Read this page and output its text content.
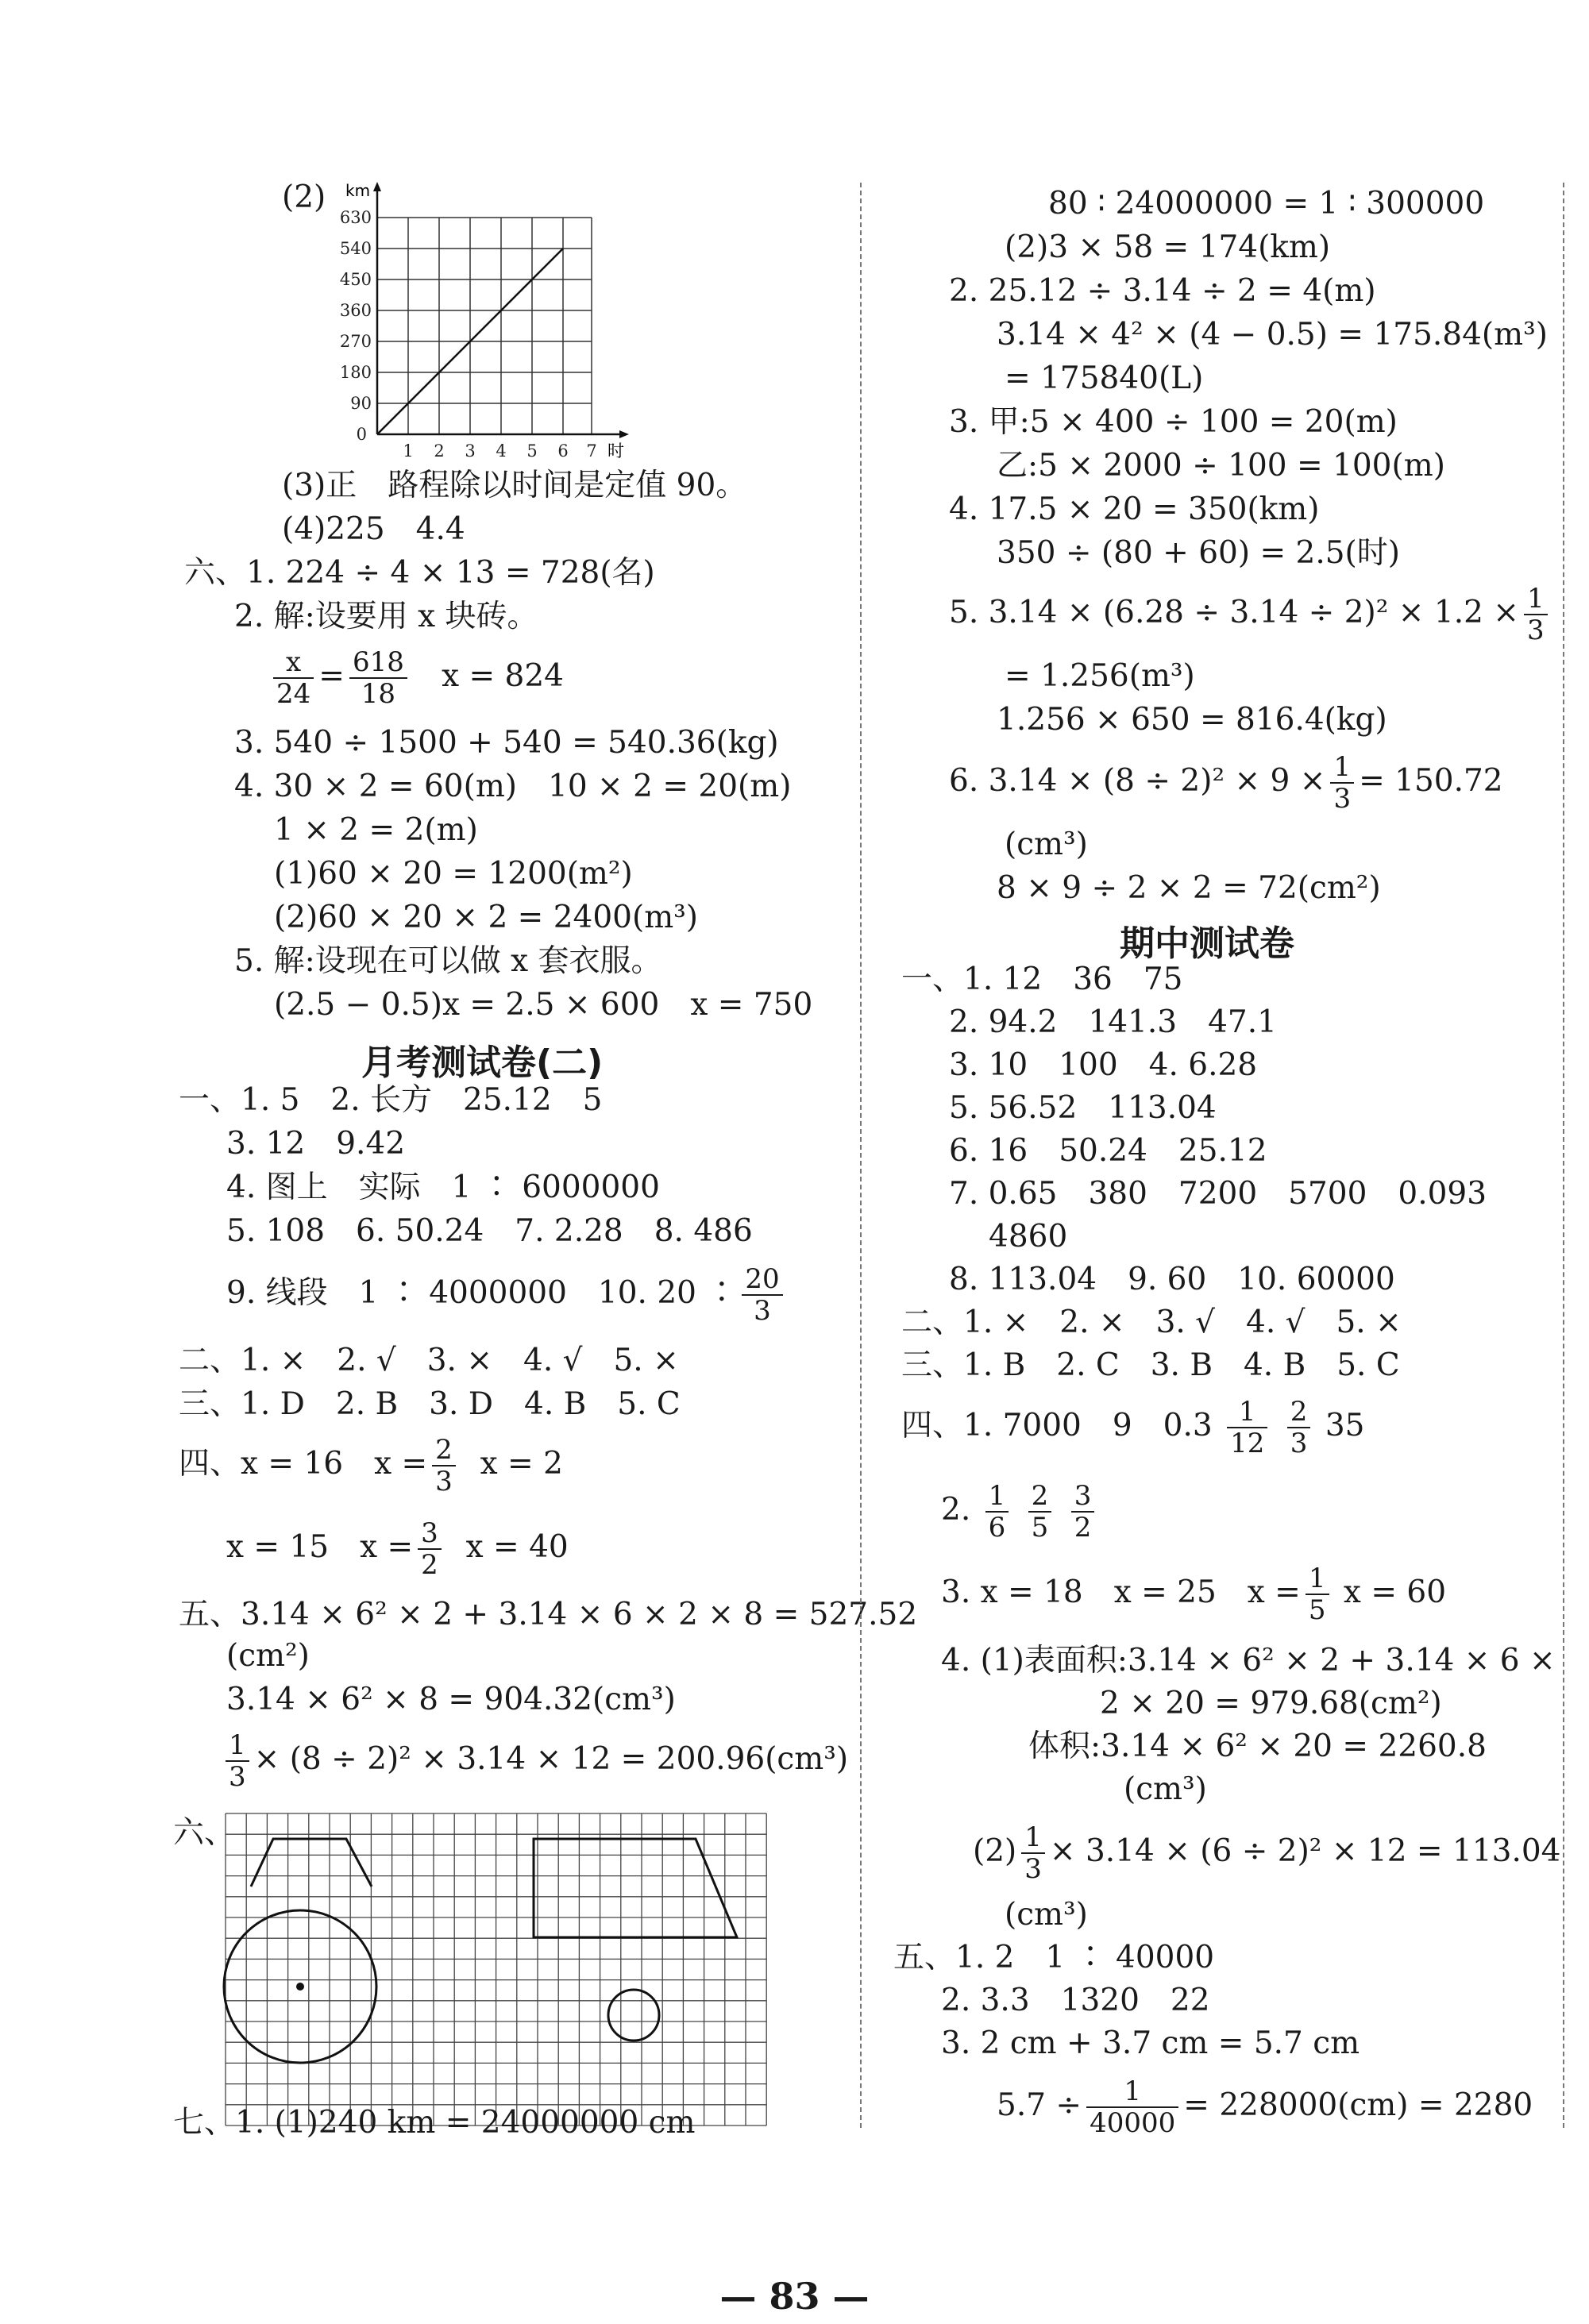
(2)
630
540
450
360
270
180
90
0
km
1 2 3 4 5 6 7 时
(3)正　路程除以时间是定值 90。
(4)225　4.4
六、1. 224 ÷ 4 × 13 = 728(名)
2. 解:设要用 x 块砖。
$\frac{x}{24} = \frac{618}{18}$ x = 824
3. 540 ÷ 1500 + 540 = 540.36(kg)
4. 30 × 2 = 60(m)　10 × 2 = 20(m)
1 × 2 = 2(m)
(1)60 × 20 = 1200(m²)
(2)60 × 20 × 2 = 2400(m³)
5. 解:设现在可以做 x 套衣服。
(2.5 − 0.5)x = 2.5 × 600　x = 750
月考测试卷(二)
一、1. 5　2. 长方　25.12　5
3. 12　9.42
4. 图上　实际　1 ∶ 6000000
5. 108　6. 50.24　7. 2.28　8. 486
9. 线段　1 ∶ 4000000　10. 20 ∶ $\frac{20}{3}$
二、1. ×　2. √　3. ×　4. √　5. ×
三、1. D　2. B　3. D　4. B　5. C
四、x = 16　$x = \frac{2}{3}$ x = 2
x = 15　$x = \frac{3}{2}$ x = 40
五、3.14 × 6² × 2 + 3.14 × 6 × 2 × 8 = 527.52
(cm²)
3.14 × 6² × 8 = 904.32(cm³)
$\frac{1}{3} \times (8 \div 2)^2 \times 3.14 \times 12 = 200.96(cm^3)$
六、
七、1. (1)240 km = 24000000 cm
80 ∶ 24000000 = 1 ∶ 300000
(2)3 × 58 = 174(km)
2. 25.12 ÷ 3.14 ÷ 2 = 4(m)
3.14 × 4² × (4 − 0.5) = 175.84(m³)
= 175840(L)
3. 甲:5 × 400 ÷ 100 = 20(m)
乙:5 × 2000 ÷ 100 = 100(m)
4. 17.5 × 20 = 350(km)
350 ÷ (80 + 60) = 2.5(时)
5. $3.14 \times (6.28 \div 3.14 \div 2)^2 \times 1.2 \times \frac{1}{3}$
= 1.256(m³)
1.256 × 650 = 816.4(kg)
6. $3.14 \times (8 \div 2)^2 \times 9 \times \frac{1}{3} = 150.72$
(cm³)
8 × 9 ÷ 2 × 2 = 72(cm²)
期中测试卷
一、1. 12　36　75
2. 94.2　141.3　47.1
3. 10　100　4. 6.28
5. 56.52　113.04
6. 16　50.24　25.12
7. 0.65　380　7200　5700　0.093
4860
8. 113.04　9. 60　10. 60000
二、1. ×　2. ×　3. √　4. √　5. ×
三、1. B　2. C　3. B　4. B　5. C
四、1. 7000　9　$0.3 \frac{1}{12}$
$\frac{2}{3} 35$
2. $\frac{1}{6}$
$\frac{2}{5}$
$\frac{3}{2}$
3. x = 18　x = 25　$x = \frac{1}{5}$ x = 60
4. (1)表面积:3.14 × 6² × 2 + 3.14 × 6 ×
2 × 20 = 979.68(cm²)
体积:3.14 × 6² × 20 = 2260.8
(cm³)
$(2) \frac{1}{3} \times 3.14 \times (6 \div 2)^2 \times 12 = 113.04$
(cm³)
五、1. 2　1 ∶ 40000
2. 3.3　1320　22
3. 2 cm + 3.7 cm = 5.7 cm
$5.7 \div \frac{1}{40000} = 228000(cm) = 2280$
— 83 —
